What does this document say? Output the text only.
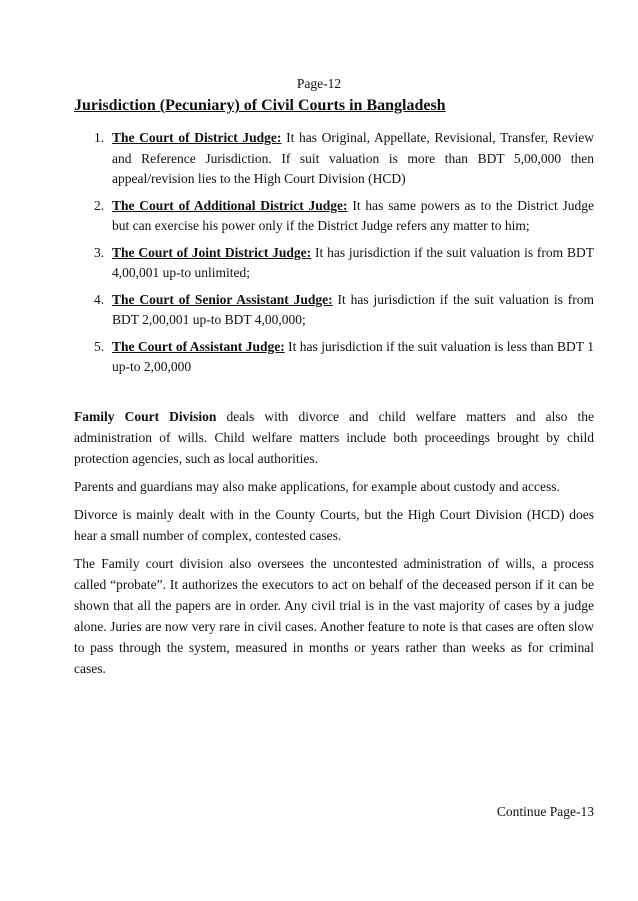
Page-12
Jurisdiction (Pecuniary) of Civil Courts in Bangladesh
1. The Court of District Judge: It has Original, Appellate, Revisional, Transfer, Review and Reference Jurisdiction. If suit valuation is more than BDT 5,00,000 then appeal/revision lies to the High Court Division (HCD)
2. The Court of Additional District Judge: It has same powers as to the District Judge but can exercise his power only if the District Judge refers any matter to him;
3. The Court of Joint District Judge: It has jurisdiction if the suit valuation is from BDT 4,00,001 up-to unlimited;
4. The Court of Senior Assistant Judge: It has jurisdiction if the suit valuation is from BDT 2,00,001 up-to BDT 4,00,000;
5. The Court of Assistant Judge: It has jurisdiction if the suit valuation is less than BDT 1 up-to 2,00,000

Family Court Division deals with divorce and child welfare matters and also the administration of wills. Child welfare matters include both proceedings brought by child protection agencies, such as local authorities.

Parents and guardians may also make applications, for example about custody and access.

Divorce is mainly dealt with in the County Courts, but the High Court Division (HCD) does hear a small number of complex, contested cases.

The Family court division also oversees the uncontested administration of wills, a process called “probate”. It authorizes the executors to act on behalf of the deceased person if it can be shown that all the papers are in order. Any civil trial is in the vast majority of cases by a judge alone. Juries are now very rare in civil cases. Another feature to note is that cases are often slow to pass through the system, measured in months or years rather than weeks as for criminal cases.

Continue Page-13
